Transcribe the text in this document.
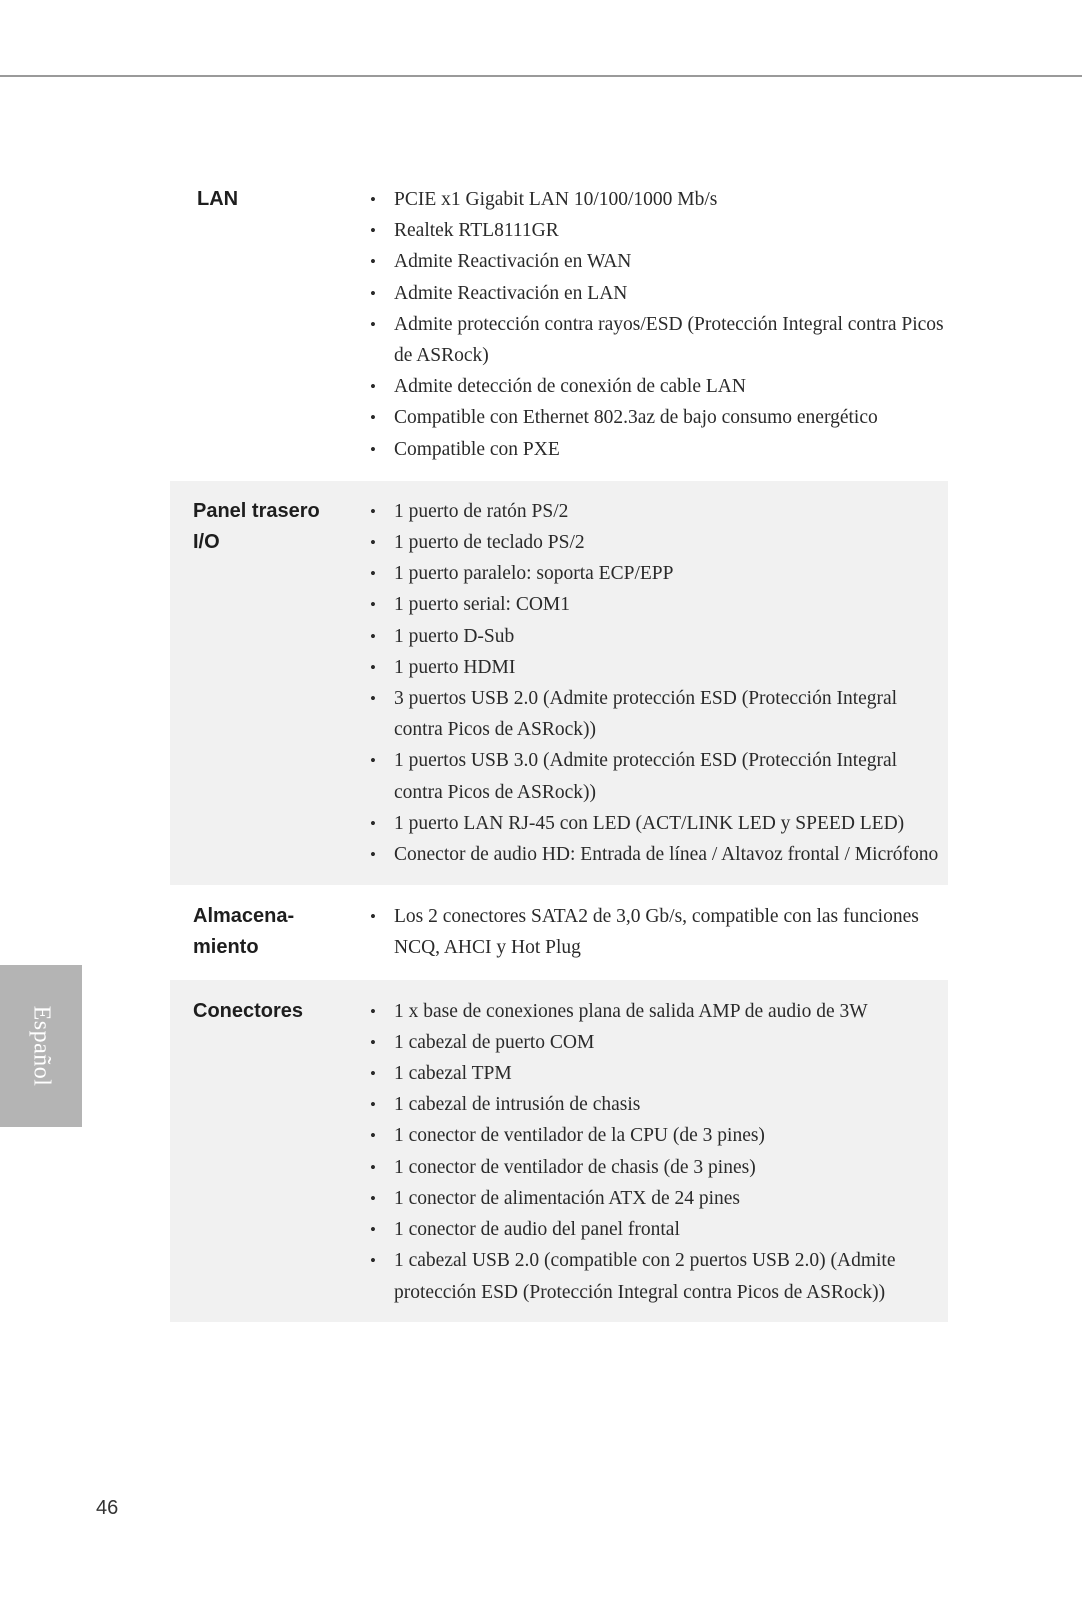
LAN	• PCIE x1 Gigabit LAN 10/100/1000 Mb/s
• Realtek RTL8111GR
• Admite Reactivación en WAN
• Admite Reactivación en LAN
• Admite protección contra rayos/ESD (Protección Integral contra Picos de ASRock)
• Admite detección de conexión de cable LAN
• Compatible con Ethernet 802.3az de bajo consumo energético
• Compatible con PXE
Panel trasero
I/O
• 1 puerto de ratón PS/2
• 1 puerto de teclado PS/2
• 1 puerto paralelo: soporta ECP/EPP
• 1 puerto serial: COM1
• 1 puerto D-Sub
• 1 puerto HDMI
• 3 puertos USB 2.0 (Admite protección ESD (Protección Integral contra Picos de ASRock))
• 1 puertos USB 3.0 (Admite protección ESD (Protección Integral contra Picos de ASRock))
• 1 puerto LAN RJ-45 con LED (ACT/LINK LED y SPEED LED)
• Conector de audio HD: Entrada de línea / Altavoz frontal / Micrófono
Almacena-
miento
• Los 2 conectores SATA2 de 3,0 Gb/s, compatible con las funciones NCQ, AHCI y Hot Plug
Conectores	• 1 x base de conexiones plana de salida AMP de audio de 3W
• 1 cabezal de puerto COM
• 1 cabezal TPM
• 1 cabezal de intrusión de chasis
• 1 conector de ventilador de la CPU (de 3 pines)
• 1 conector de ventilador de chasis (de 3 pines)
• 1 conector de alimentación ATX de 24 pines
• 1 conector de audio del panel frontal
• 1 cabezal USB 2.0 (compatible con 2 puertos USB 2.0) (Admite protección ESD (Protección Integral contra Picos de ASRock))
Español
46
